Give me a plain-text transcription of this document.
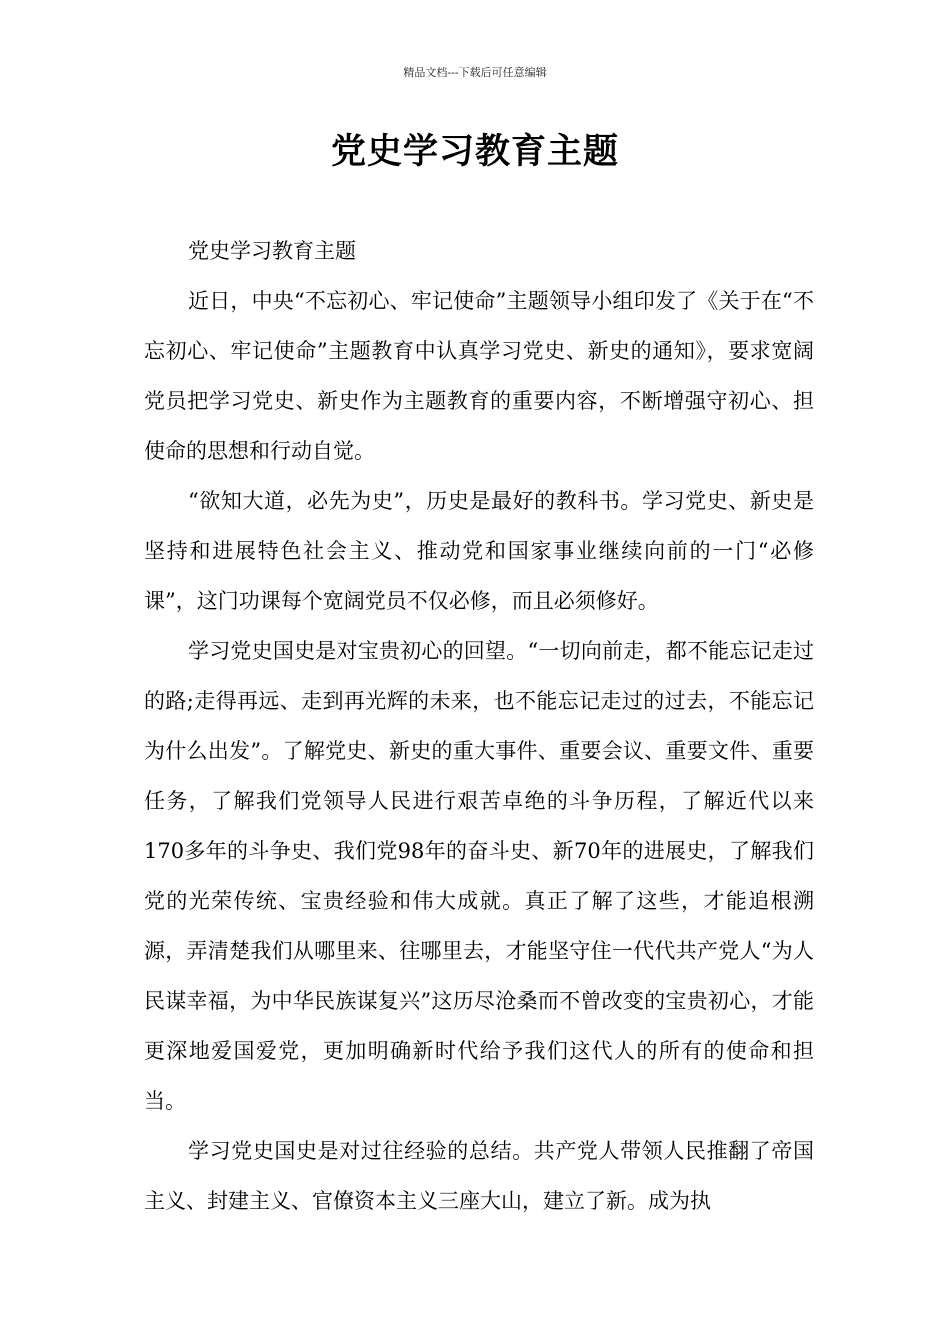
精品文档---下载后可任意编辑
党史学习教育主题

党史学习教育主题

近日，中央“不忘初心、牢记使命”主题领导小组印发了《关于在“不忘初心、牢记使命”主题教育中认真学习党史、新史的通知》，要求宽阔党员把学习党史、新史作为主题教育的重要内容，不断增强守初心、担使命的思想和行动自觉。

“欲知大道，必先为史”，历史是最好的教科书。学习党史、新史是坚持和进展特色社会主义、推动党和国家事业继续向前的一门“必修课”，这门功课每个宽阔党员不仅必修，而且必须修好。

学习党史国史是对宝贵初心的回望。“一切向前走，都不能忘记走过的路;走得再远、走到再光辉的未来，也不能忘记走过的过去，不能忘记为什么出发”。了解党史、新史的重大事件、重要会议、重要文件、重要任务，了解我们党领导人民进行艰苦卓绝的斗争历程，了解近代以来170多年的斗争史、我们党98年的奋斗史、新70年的进展史，了解我们党的光荣传统、宝贵经验和伟大成就。真正了解了这些，才能追根溯源，弄清楚我们从哪里来、往哪里去，才能坚守住一代代共产党人“为人民谋幸福，为中华民族谋复兴”这历尽沧桑而不曾改变的宝贵初心，才能更深地爱国爱党，更加明确新时代给予我们这代人的所有的使命和担当。

学习党史国史是对过往经验的总结。共产党人带领人民推翻了帝国主义、封建主义、官僚资本主义三座大山，建立了新。成为执
